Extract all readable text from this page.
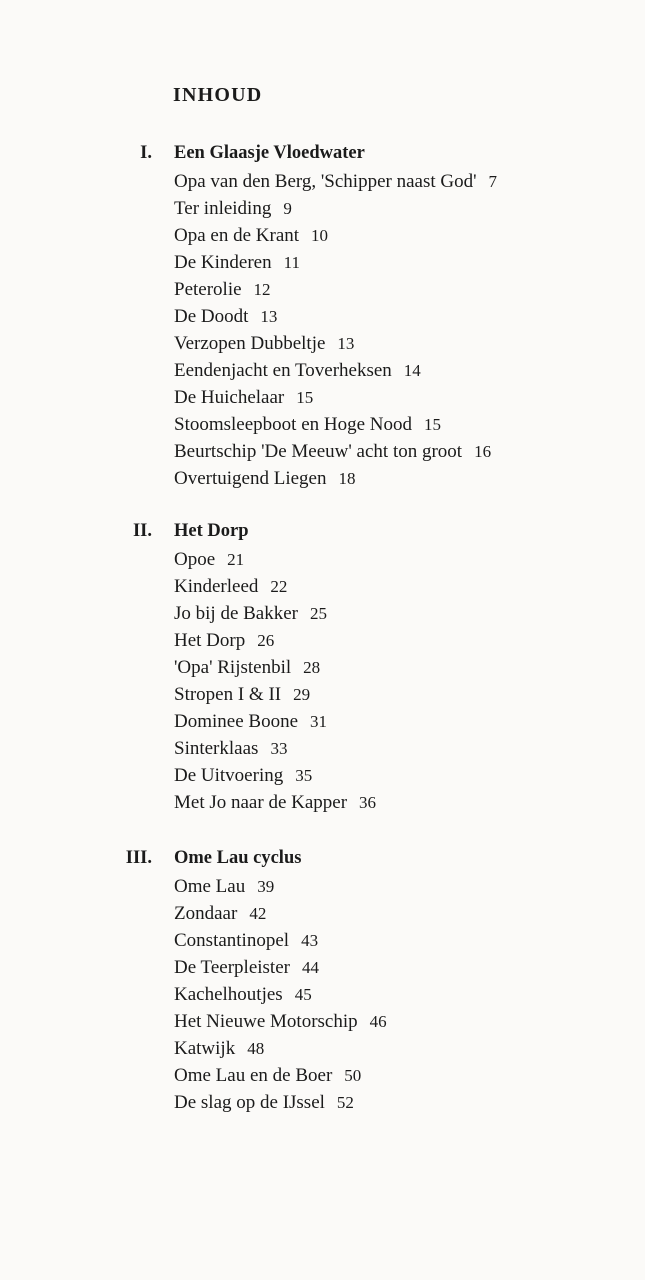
INHOUD
I. Een Glaasje Vloedwater
Opa van den Berg, 'Schipper naast God' 7
Ter inleiding 9
Opa en de Krant 10
De Kinderen 11
Peterolie 12
De Doodt 13
Verzopen Dubbeltje 13
Eendenjacht en Toverheksen 14
De Huichelaar 15
Stoomsleepboot en Hoge Nood 15
Beurtschip 'De Meeuw' acht ton groot 16
Overtuigend Liegen 18
II. Het Dorp
Opoe 21
Kinderleed 22
Jo bij de Bakker 25
Het Dorp 26
'Opa' Rijstenbil 28
Stropen I & II 29
Dominee Boone 31
Sinterklaas 33
De Uitvoering 35
Met Jo naar de Kapper 36
III. Ome Lau cyclus
Ome Lau 39
Zondaar 42
Constantinopel 43
De Teerpleister 44
Kachelhoutjes 45
Het Nieuwe Motorschip 46
Katwijk 48
Ome Lau en de Boer 50
De slag op de IJssel 52
